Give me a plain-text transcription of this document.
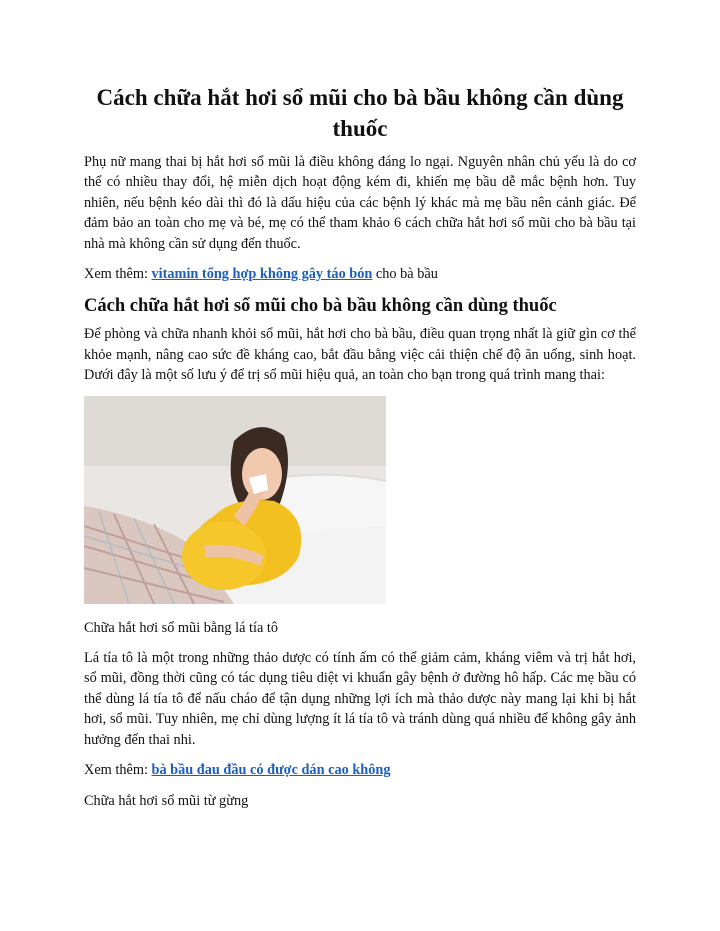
Cách chữa hắt hơi sổ mũi cho bà bầu không cần dùng thuốc

Phụ nữ mang thai bị hắt hơi sổ mũi là điều không đáng lo ngại. Nguyên nhân chủ yếu là do cơ thể có nhiều thay đổi, hệ miễn dịch hoạt động kém đi, khiến mẹ bầu dễ mắc bệnh hơn. Tuy nhiên, nếu bệnh kéo dài thì đó là dấu hiệu của các bệnh lý khác mà mẹ bầu nên cảnh giác. Để đảm bảo an toàn cho mẹ và bé, mẹ có thể tham khảo 6 cách chữa hắt hơi sổ mũi cho bà bầu tại nhà mà không cần sử dụng đến thuốc.

Xem thêm: vitamin tổng hợp không gây táo bón cho bà bầu

Cách chữa hắt hơi sổ mũi cho bà bầu không cần dùng thuốc

Để phòng và chữa nhanh khỏi sổ mũi, hắt hơi cho bà bầu, điều quan trọng nhất là giữ gìn cơ thể khỏe mạnh, nâng cao sức đề kháng cao, bắt đầu bằng việc cải thiện chế độ ăn uống, sinh hoạt. Dưới đây là một số lưu ý để trị sổ mũi hiệu quả, an toàn cho bạn trong quá trình mang thai:

Chữa hắt hơi sổ mũi bằng lá tía tô

Lá tía tô là một trong những thảo dược có tính ấm có thể giảm cảm, kháng viêm và trị hắt hơi, sổ mũi, đồng thời cũng có tác dụng tiêu diệt vi khuẩn gây bệnh ở đường hô hấp. Các mẹ bầu có thể dùng lá tía tô để nấu cháo để tận dụng những lợi ích mà thảo dược này mang lại khi bị hắt hơi, sổ mũi. Tuy nhiên, mẹ chỉ dùng lượng ít lá tía tô và tránh dùng quá nhiều để không gây ảnh hưởng đến thai nhi.

Xem thêm: bà bầu đau đầu có được dán cao không

Chữa hắt hơi sổ mũi từ gừng
